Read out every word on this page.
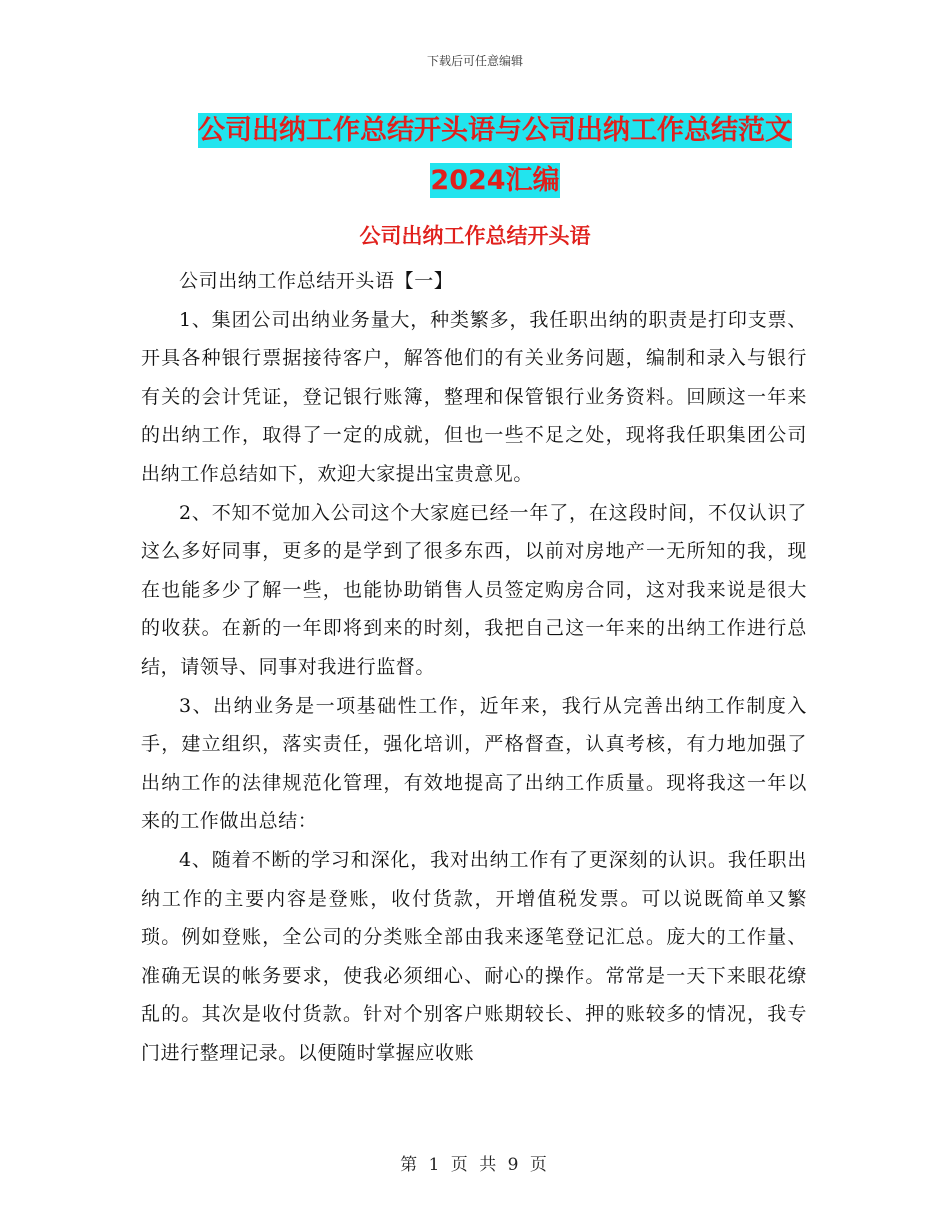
下载后可任意编辑
公司出纳工作总结开头语与公司出纳工作总结范文
2024汇编
公司出纳工作总结开头语

公司出纳工作总结开头语【一】

1、集团公司出纳业务量大，种类繁多，我任职出纳的职责是打印支票、开具各种银行票据接待客户，解答他们的有关业务问题，编制和录入与银行有关的会计凭证，登记银行账簿，整理和保管银行业务资料。回顾这一年来的出纳工作，取得了一定的成就，但也一些不足之处，现将我任职集团公司出纳工作总结如下，欢迎大家提出宝贵意见。

2、不知不觉加入公司这个大家庭已经一年了，在这段时间，不仅认识了这么多好同事，更多的是学到了很多东西，以前对房地产一无所知的我，现在也能多少了解一些，也能协助销售人员签定购房合同，这对我来说是很大的收获。在新的一年即将到来的时刻，我把自己这一年来的出纳工作进行总结，请领导、同事对我进行监督。

3、出纳业务是一项基础性工作，近年来，我行从完善出纳工作制度入手，建立组织，落实责任，强化培训，严格督查，认真考核，有力地加强了出纳工作的法律规范化管理，有效地提高了出纳工作质量。现将我这一年以来的工作做出总结：

4、随着不断的学习和深化，我对出纳工作有了更深刻的认识。我任职出纳工作的主要内容是登账，收付货款，开增值税发票。可以说既简单又繁琐。例如登账，全公司的分类账全部由我来逐笔登记汇总。庞大的工作量、准确无误的帐务要求，使我必须细心、耐心的操作。常常是一天下来眼花缭乱的。其次是收付货款。针对个别客户账期较长、押的账较多的情况，我专门进行整理记录。以便随时掌握应收账

第 1 页 共 9 页
